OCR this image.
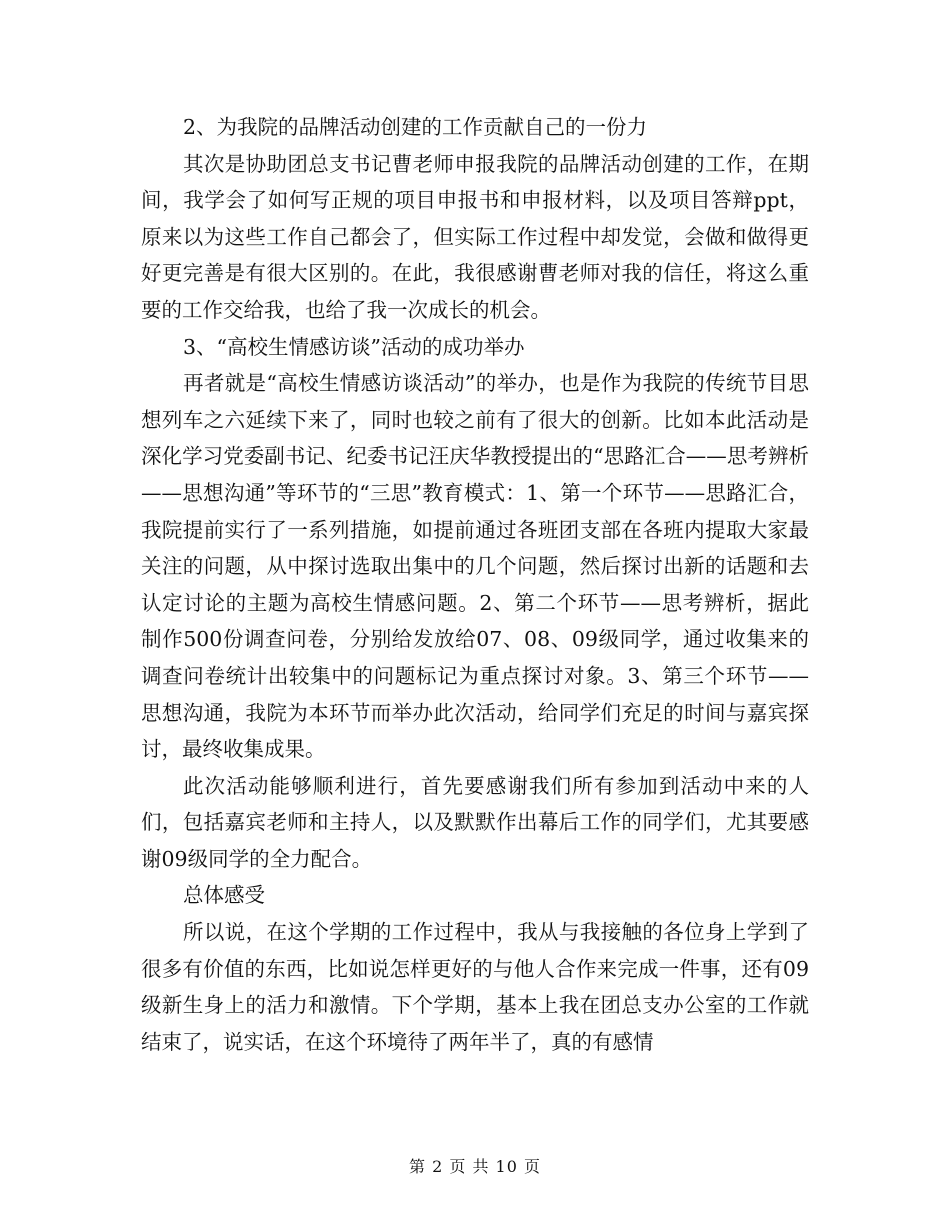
2、为我院的品牌活动创建的工作贡献自己的一份力

其次是协助团总支书记曹老师申报我院的品牌活动创建的工作，在期间，我学会了如何写正规的项目申报书和申报材料，以及项目答辩ppt，原来以为这些工作自己都会了，但实际工作过程中却发觉，会做和做得更好更完善是有很大区别的。在此，我很感谢曹老师对我的信任，将这么重要的工作交给我，也给了我一次成长的机会。

3、“高校生情感访谈”活动的成功举办

再者就是“高校生情感访谈活动”的举办，也是作为我院的传统节目思想列车之六延续下来了，同时也较之前有了很大的创新。比如本此活动是深化学习党委副书记、纪委书记汪庆华教授提出的“思路汇合——思考辨析——思想沟通”等环节的“三思”教育模式：1、第一个环节——思路汇合，我院提前实行了一系列措施，如提前通过各班团支部在各班内提取大家最关注的问题，从中探讨选取出集中的几个问题，然后探讨出新的话题和去认定讨论的主题为高校生情感问题。2、第二个环节——思考辨析，据此制作500份调查问卷，分别给发放给07、08、09级同学，通过收集来的调查问卷统计出较集中的问题标记为重点探讨对象。3、第三个环节——思想沟通，我院为本环节而举办此次活动，给同学们充足的时间与嘉宾探讨，最终收集成果。

此次活动能够顺利进行，首先要感谢我们所有参加到活动中来的人们，包括嘉宾老师和主持人，以及默默作出幕后工作的同学们，尤其要感谢09级同学的全力配合。

总体感受

所以说，在这个学期的工作过程中，我从与我接触的各位身上学到了很多有价值的东西，比如说怎样更好的与他人合作来完成一件事，还有09级新生身上的活力和激情。下个学期，基本上我在团总支办公室的工作就结束了，说实话，在这个环境待了两年半了，真的有感情

第 2 页 共 10 页
